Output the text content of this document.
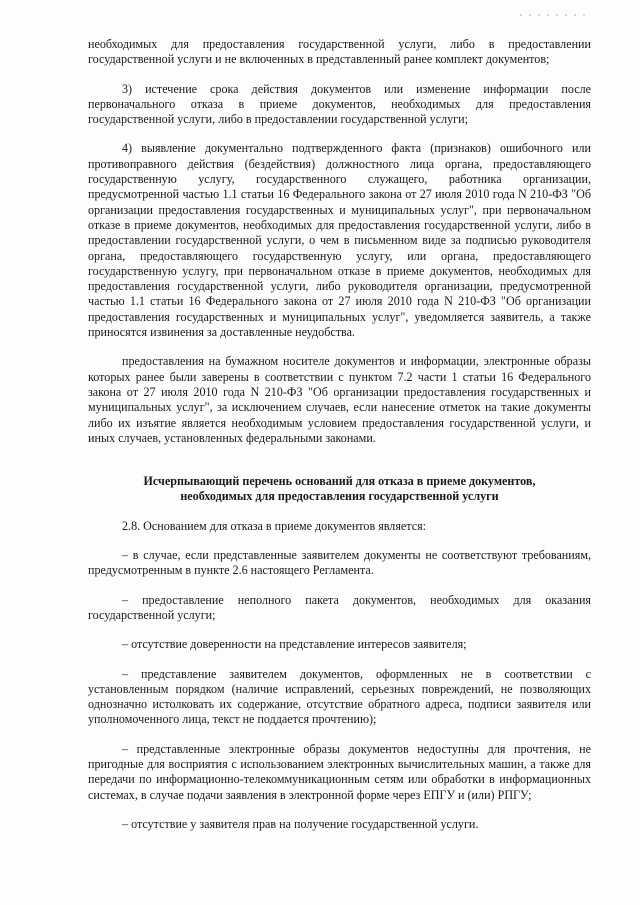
необходимых для предоставления государственной услуги, либо в предоставлении государственной услуги и не включенных в представленный ранее комплект документов;

3) истечение срока действия документов или изменение информации после первоначального отказа в приеме документов, необходимых для предоставления государственной услуги, либо в предоставлении государственной услуги;

4) выявление документально подтвержденного факта (признаков) ошибочного или противоправного действия (бездействия) должностного лица органа, предоставляющего государственную услугу, государственного служащего, работника организации, предусмотренной частью 1.1 статьи 16 Федерального закона от 27 июля 2010 года N 210-ФЗ "Об организации предоставления государственных и муниципальных услуг", при первоначальном отказе в приеме документов, необходимых для предоставления государственной услуги, либо в предоставлении государственной услуги, о чем в письменном виде за подписью руководителя органа, предоставляющего государственную услугу, или органа, предоставляющего государственную услугу, при первоначальном отказе в приеме документов, необходимых для предоставления государственной услуги, либо руководителя организации, предусмотренной частью 1.1 статьи 16 Федерального закона от 27 июля 2010 года N 210-ФЗ "Об организации предоставления государственных и муниципальных услуг", уведомляется заявитель, а также приносятся извинения за доставленные неудобства.

предоставления на бумажном носителе документов и информации, электронные образы которых ранее были заверены в соответствии с пунктом 7.2 части 1 статьи 16 Федерального закона от 27 июля 2010 года N 210-ФЗ "Об организации предоставления государственных и муниципальных услуг", за исключением случаев, если нанесение отметок на такие документы либо их изъятие является необходимым условием предоставления государственной услуги, и иных случаев, установленных федеральными законами.

Исчерпывающий перечень оснований для отказа в приеме документов,
необходимых для предоставления государственной услуги

2.8. Основанием для отказа в приеме документов является:

– в случае, если представленные заявителем документы не соответствуют требованиям, предусмотренным в пункте 2.6 настоящего Регламента.

– предоставление неполного пакета документов, необходимых для оказания государственной услуги;

– отсутствие доверенности на представление интересов заявителя;

– представление заявителем документов, оформленных не в соответствии с установленным порядком (наличие исправлений, серьезных повреждений, не позволяющих однозначно истолковать их содержание, отсутствие обратного адреса, подписи заявителя или уполномоченного лица, текст не поддается прочтению);

– представленные электронные образы документов недоступны для прочтения, не пригодные для восприятия с использованием электронных вычислительных машин, а также для передачи по информационно-телекоммуникационным сетям или обработки в информационных системах, в случае подачи заявления в электронной форме через ЕПГУ и (или) РПГУ;

– отсутствие у заявителя прав на получение государственной услуги.
